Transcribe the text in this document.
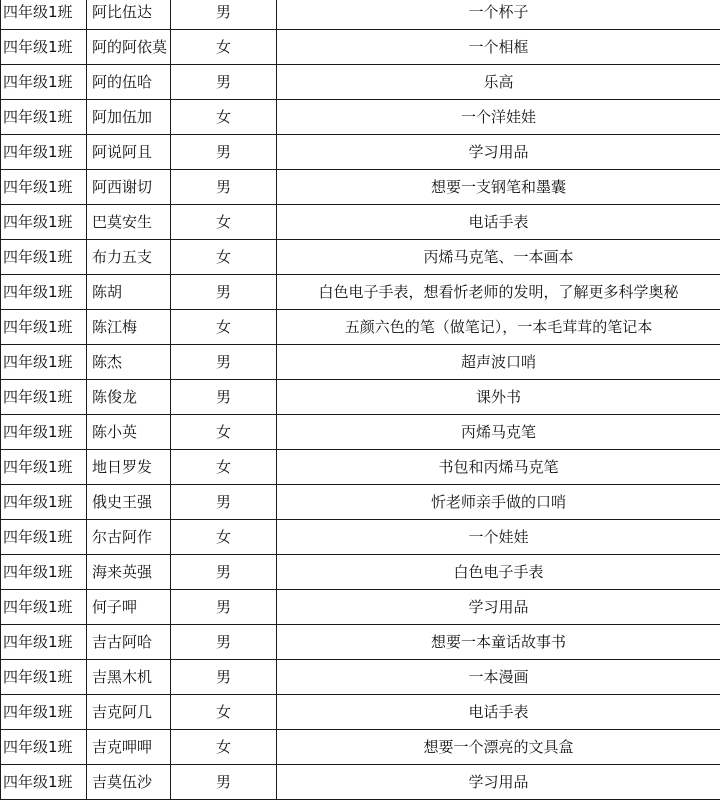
四年级1班	阿比伍达	男	一个杯子
四年级1班	阿的阿依莫	女	一个相框
四年级1班	阿的伍哈	男	乐高
四年级1班	阿加伍加	女	一个洋娃娃
四年级1班	阿说阿且	男	学习用品
四年级1班	阿西谢切	男	想要一支钢笔和墨囊
四年级1班	巴莫安生	女	电话手表
四年级1班	布力五支	女	丙烯马克笔、一本画本
四年级1班	陈胡	男	白色电子手表，想看忻老师的发明，了解更多科学奥秘
四年级1班	陈江梅	女	五颜六色的笔（做笔记），一本毛茸茸的笔记本
四年级1班	陈杰	男	超声波口哨
四年级1班	陈俊龙	男	课外书
四年级1班	陈小英	女	丙烯马克笔
四年级1班	地日罗发	女	书包和丙烯马克笔
四年级1班	俄史王强	男	忻老师亲手做的口哨
四年级1班	尔古阿作	女	一个娃娃
四年级1班	海来英强	男	白色电子手表
四年级1班	何子呷	男	学习用品
四年级1班	吉古阿哈	男	想要一本童话故事书
四年级1班	吉黑木机	男	一本漫画
四年级1班	吉克阿几	女	电话手表
四年级1班	吉克呷呷	女	想要一个漂亮的文具盒
四年级1班	吉莫伍沙	男	学习用品
